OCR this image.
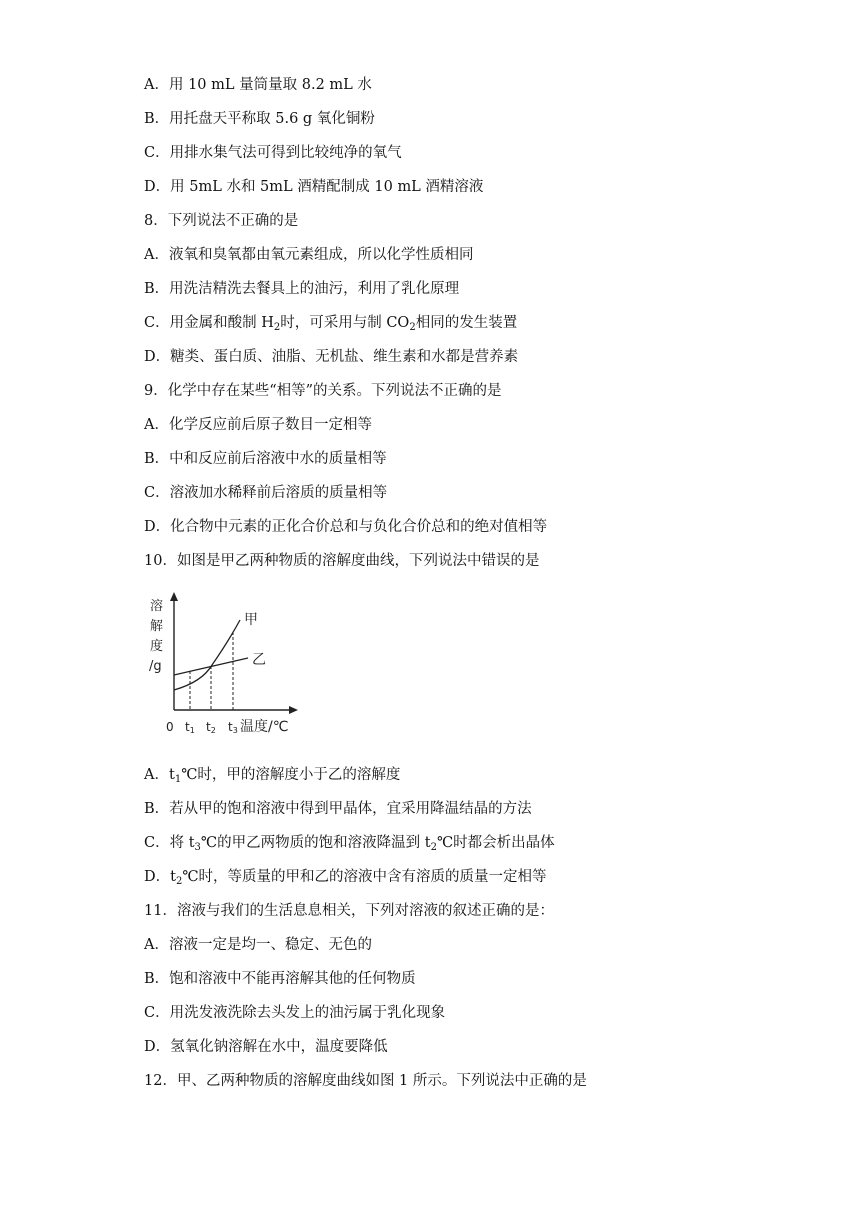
A．用 10 mL 量筒量取 8.2 mL 水
B．用托盘天平称取 5.6 g 氧化铜粉
C．用排水集气法可得到比较纯净的氧气
D．用 5mL 水和 5mL 酒精配制成 10 mL 酒精溶液
8．下列说法不正确的是
A．液氧和臭氧都由氧元素组成，所以化学性质相同
B．用洗洁精洗去餐具上的油污，利用了乳化原理
C．用金属和酸制 $H_2$时，可采用与制 $CO_2$相同的发生装置
D．糖类、蛋白质、油脂、无机盐、维生素和水都是营养素
9．化学中存在某些“相等”的关系。下列说法不正确的是
A．化学反应前后原子数目一定相等
B．中和反应前后溶液中水的质量相等
C．溶液加水稀释前后溶质的质量相等
D．化合物中元素的正化合价总和与负化合价总和的绝对值相等
10．如图是甲乙两种物质的溶解度曲线，下列说法中错误的是
A．$t_1℃$时，甲的溶解度小于乙的溶解度
B．若从甲的饱和溶液中得到甲晶体，宜采用降温结晶的方法
C．将 $t_3℃$的甲乙两物质的饱和溶液降温到 $t_2℃$时都会析出晶体
D．$t_2℃$时，等质量的甲和乙的溶液中含有溶质的质量一定相等
11．溶液与我们的生活息息相关，下列对溶液的叙述正确的是：
A．溶液一定是均一、稳定、无色的
B．饱和溶液中不能再溶解其他的任何物质
C．用洗发液洗除去头发上的油污属于乳化现象
D．氢氧化钠溶解在水中，温度要降低
12．甲、乙两种物质的溶解度曲线如图 1 所示。下列说法中正确的是
溶
解
度
/g
甲
乙
0 t1 t2 t3 温度/℃
